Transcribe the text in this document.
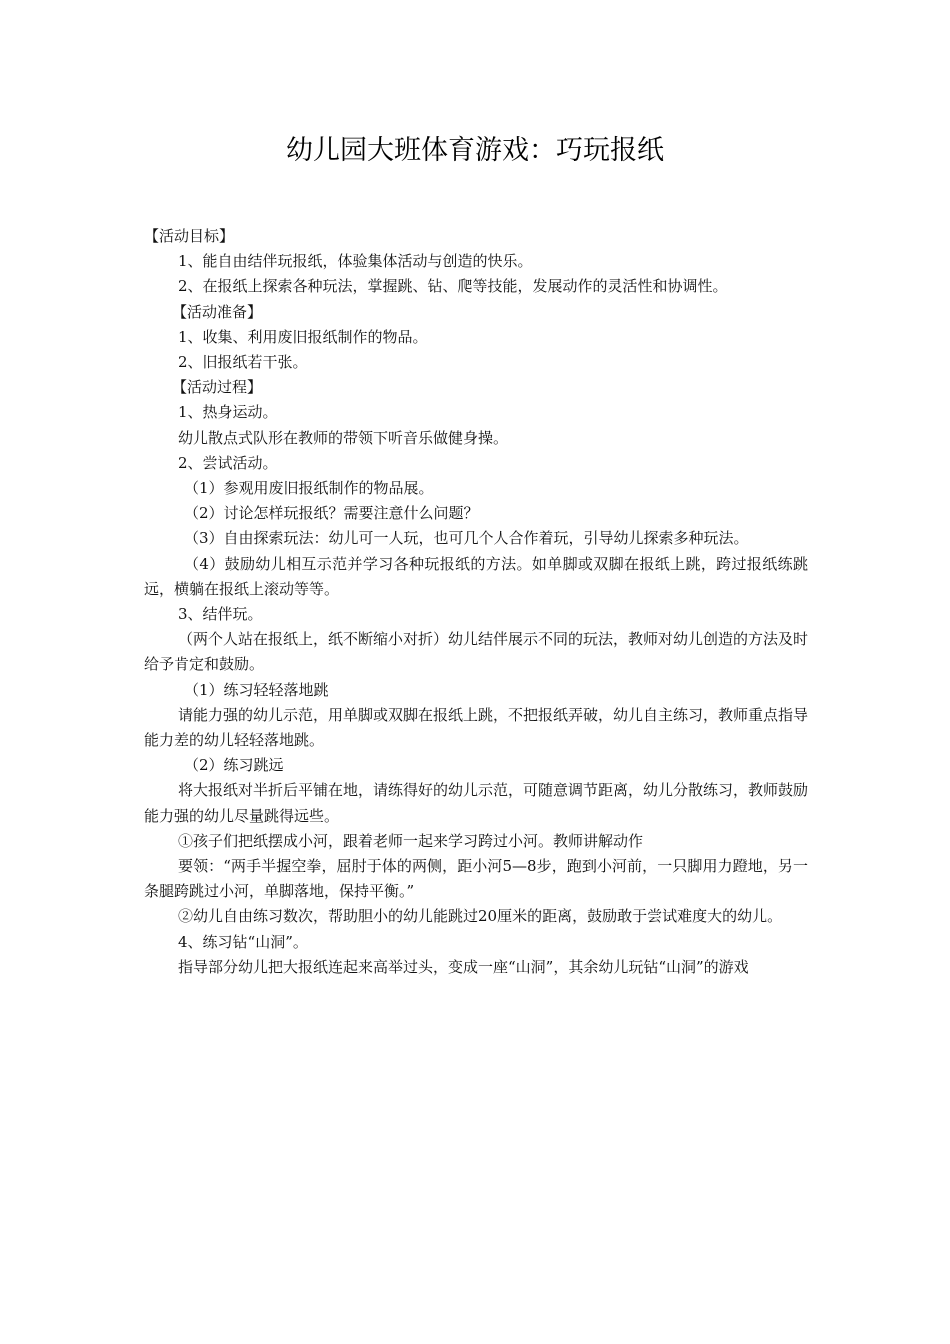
幼儿园大班体育游戏：巧玩报纸

【活动目标】

1、能自由结伴玩报纸，体验集体活动与创造的快乐。

2、在报纸上探索各种玩法，掌握跳、钻、爬等技能，发展动作的灵活性和协调性。

【活动准备】

1、收集、利用废旧报纸制作的物品。

2、旧报纸若干张。

【活动过程】

1、热身运动。

幼儿散点式队形在教师的带领下听音乐做健身操。

2、尝试活动。

（1）参观用废旧报纸制作的物品展。

（2）讨论怎样玩报纸？需要注意什么问题？

（3）自由探索玩法：幼儿可一人玩，也可几个人合作着玩，引导幼儿探索多种玩法。

（4）鼓励幼儿相互示范并学习各种玩报纸的方法。如单脚或双脚在报纸上跳，跨过报纸练跳远，横躺在报纸上滚动等等。

3、结伴玩。

（两个人站在报纸上，纸不断缩小对折）幼儿结伴展示不同的玩法，教师对幼儿创造的方法及时给予肯定和鼓励。

（1）练习轻轻落地跳

请能力强的幼儿示范，用单脚或双脚在报纸上跳，不把报纸弄破，幼儿自主练习，教师重点指导能力差的幼儿轻轻落地跳。

（2）练习跳远

将大报纸对半折后平铺在地，请练得好的幼儿示范，可随意调节距离，幼儿分散练习，教师鼓励能力强的幼儿尽量跳得远些。

①孩子们把纸摆成小河，跟着老师一起来学习跨过小河。教师讲解动作

要领：“两手半握空拳，屈肘于体的两侧，距小河5—8步，跑到小河前，一只脚用力蹬地，另一条腿跨跳过小河，单脚落地，保持平衡。”

②幼儿自由练习数次，帮助胆小的幼儿能跳过20厘米的距离，鼓励敢于尝试难度大的幼儿。

4、练习钻“山洞”。

指导部分幼儿把大报纸连起来高举过头，变成一座“山洞”，其余幼儿玩钻“山洞”的游戏
